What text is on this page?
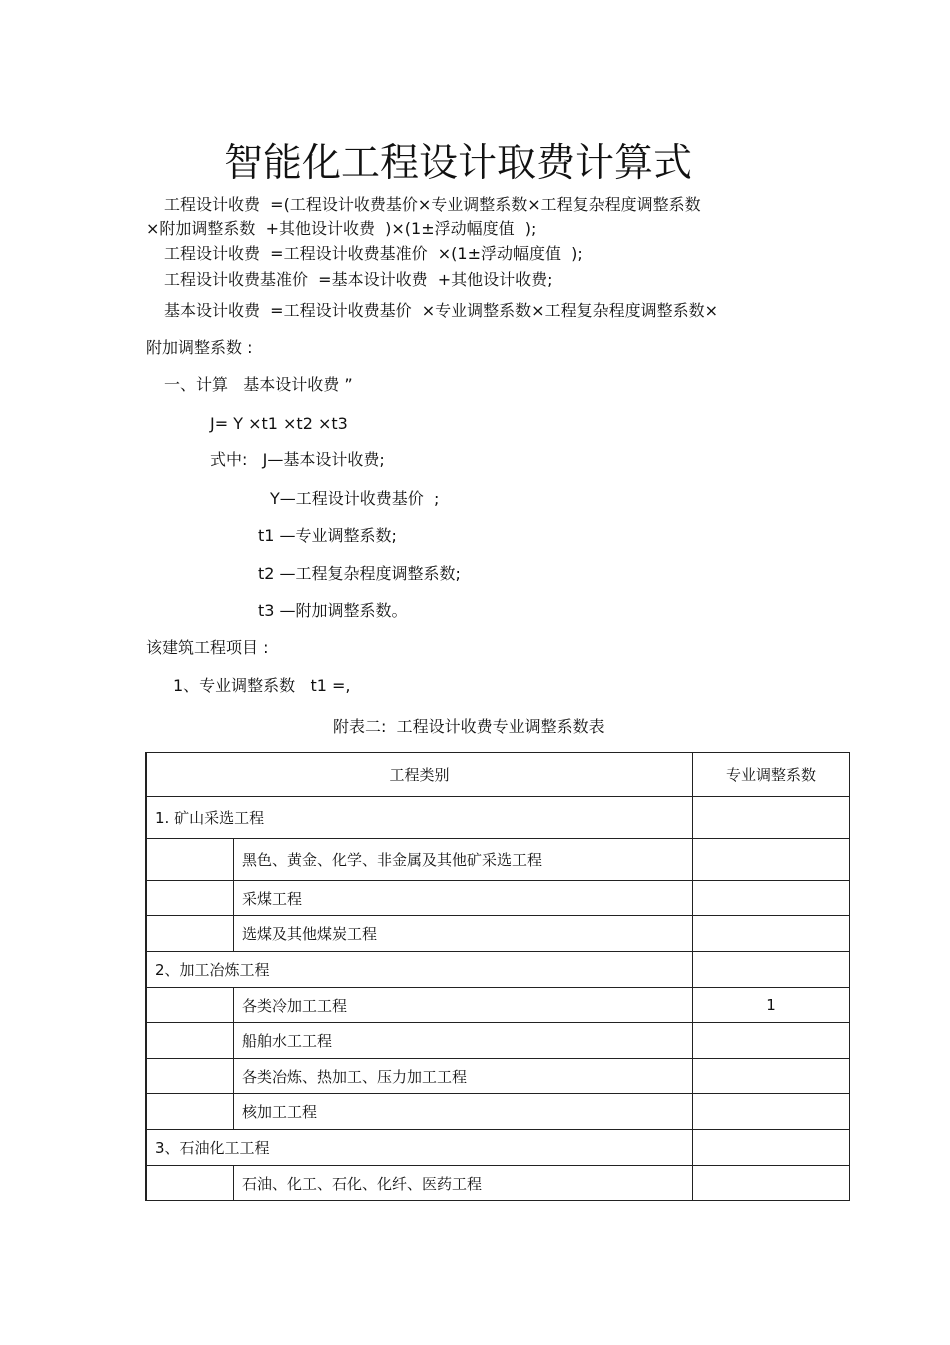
智能化工程设计取费计算式
工程设计收费  =(工程设计收费基价×专业调整系数×工程复杂程度调整系数
×附加调整系数  +其他设计收费  )×(1±浮动幅度值  );
工程设计收费  =工程设计收费基准价  ×(1±浮动幅度值  );
工程设计收费基准价  =基本设计收费  +其他设计收费;
基本设计收费  =工程设计收费基价  ×专业调整系数×工程复杂程度调整系数×
附加调整系数 :
一、计算   基本设计收费 ”
J= Y ×t1 ×t2 ×t3
式中:   J—基本设计收费;
Y—工程设计收费基价  ;
t1 —专业调整系数;
t2 —工程复杂程度调整系数;
t3 —附加调整系数。
该建筑工程项目 :
1、专业调整系数   t1 =,
附表二:  工程设计收费专业调整系数表
工程类别		专业调整系数
1. 矿山采选工程		
	黑色、黄金、化学、非金属及其他矿采选工程	
	采煤工程	
	选煤及其他煤炭工程	
2、加工冶炼工程		
	各类冷加工工程	1
	船舶水工工程	
	各类冶炼、热加工、压力加工工程	
	核加工工程	
3、石油化工工程		
	石油、化工、石化、化纤、医药工程	
